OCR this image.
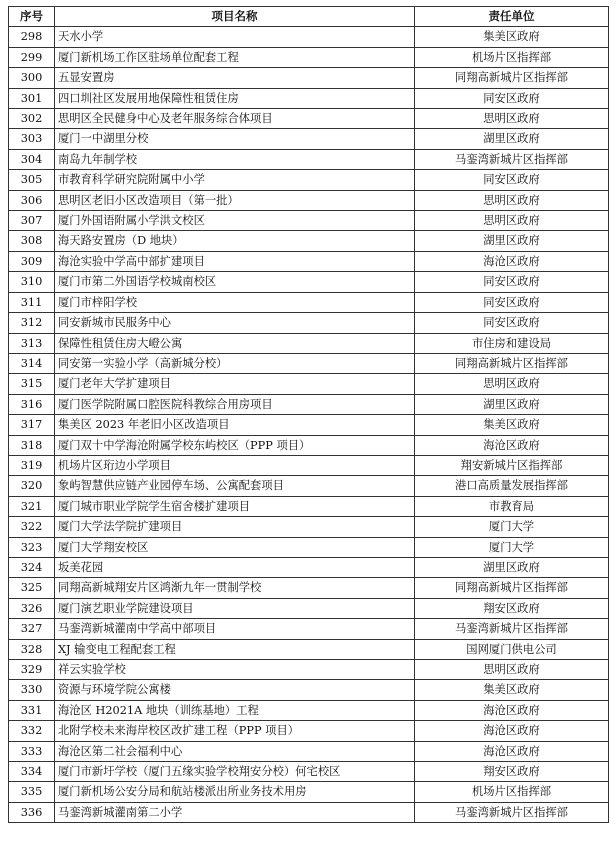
序号	项目名称	责任单位
298	天水小学	集美区政府
299	厦门新机场工作区驻场单位配套工程	机场片区指挥部
300	五显安置房	同翔高新城片区指挥部
301	四口圳社区发展用地保障性租赁住房	同安区政府
302	思明区全民健身中心及老年服务综合体项目	思明区政府
303	厦门一中湖里分校	湖里区政府
304	南岛九年制学校	马銮湾新城片区指挥部
305	市教育科学研究院附属中小学	同安区政府
306	思明区老旧小区改造项目（第一批）	思明区政府
307	厦门外国语附属小学洪文校区	思明区政府
308	海天路安置房（D 地块）	湖里区政府
309	海沧实验中学高中部扩建项目	海沧区政府
310	厦门市第二外国语学校城南校区	同安区政府
311	厦门市梓阳学校	同安区政府
312	同安新城市民服务中心	同安区政府
313	保障性租赁住房大嶝公寓	市住房和建设局
314	同安第一实验小学（高新城分校）	同翔高新城片区指挥部
315	厦门老年大学扩建项目	思明区政府
316	厦门医学院附属口腔医院科教综合用房项目	湖里区政府
317	集美区 2023 年老旧小区改造项目	集美区政府
318	厦门双十中学海沧附属学校东屿校区（PPP 项目）	海沧区政府
319	机场片区珩边小学项目	翔安新城片区指挥部
320	象屿智慧供应链产业园停车场、公寓配套项目	港口高质量发展指挥部
321	厦门城市职业学院学生宿舍楼扩建项目	市教育局
322	厦门大学法学院扩建项目	厦门大学
323	厦门大学翔安校区	厦门大学
324	坂美花园	湖里区政府
325	同翔高新城翔安片区鸿渐九年一贯制学校	同翔高新城片区指挥部
326	厦门演艺职业学院建设项目	翔安区政府
327	马銮湾新城灌南中学高中部项目	马銮湾新城片区指挥部
328	XJ 输变电工程配套工程	国网厦门供电公司
329	祥云实验学校	思明区政府
330	资源与环境学院公寓楼	集美区政府
331	海沧区 H2021A 地块（训练基地）工程	海沧区政府
332	北附学校未来海岸校区改扩建工程（PPP 项目）	海沧区政府
333	海沧区第二社会福利中心	海沧区政府
334	厦门市新圩学校（厦门五缘实验学校翔安分校）何宅校区	翔安区政府
335	厦门新机场公安分局和航站楼派出所业务技术用房	机场片区指挥部
336	马銮湾新城灌南第二小学	马銮湾新城片区指挥部
